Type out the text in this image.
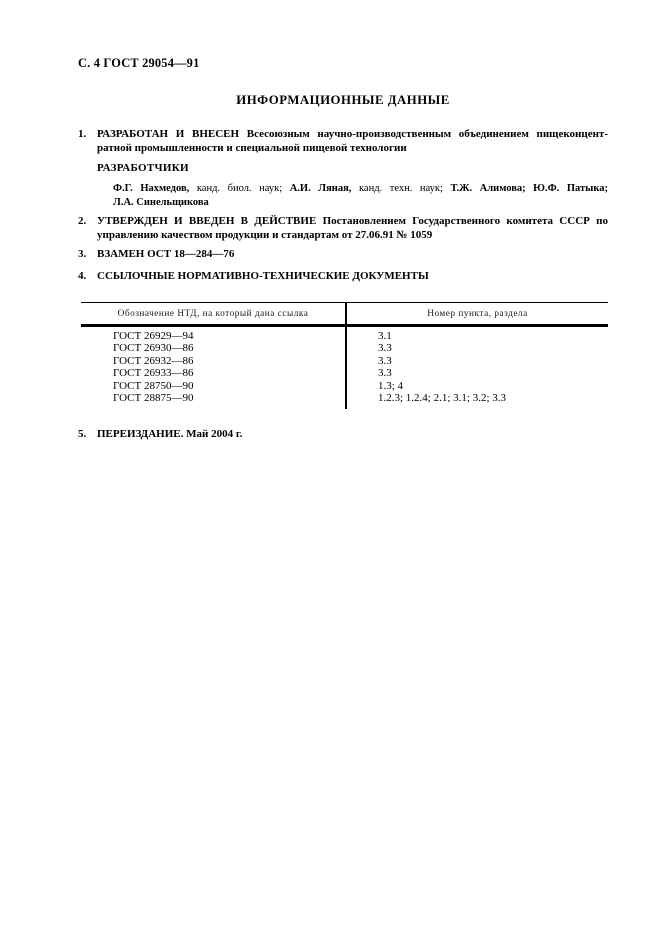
С. 4 ГОСТ 29054—91
ИНФОРМАЦИОННЫЕ ДАННЫЕ
1. РАЗРАБОТАН И ВНЕСЕН Всесоюзным научно-производственным объединением пищеконцент-
ратной промышленности и специальной пищевой технологии
РАЗРАБОТЧИКИ
Ф.Г. Нахмедов, канд. биол. наук; А.И. Ляная, канд. техн. наук; Т.Ж. Алимова; Ю.Ф. Патыка;
Л.А. Синельщикова
2. УТВЕРЖДЕН И ВВЕДЕН В ДЕЙСТВИЕ Постановлением Государственного комитета СССР по
управлению качеством продукции и стандартам от 27.06.91 № 1059
3. ВЗАМЕН ОСТ 18—284—76
4. ССЫЛОЧНЫЕ НОРМАТИВНО-ТЕХНИЧЕСКИЕ ДОКУМЕНТЫ
Обозначение НТД, на который дана ссылка	Номер пункта, раздела
ГОСТ 26929—94	3.1
ГОСТ 26930—86	3.3
ГОСТ 26932—86	3.3
ГОСТ 26933—86	3.3
ГОСТ 28750—90	1.3; 4
ГОСТ 28875—90	1.2.3; 1.2.4; 2.1; 3.1; 3.2; 3.3
5. ПЕРЕИЗДАНИЕ. Май 2004 г.
